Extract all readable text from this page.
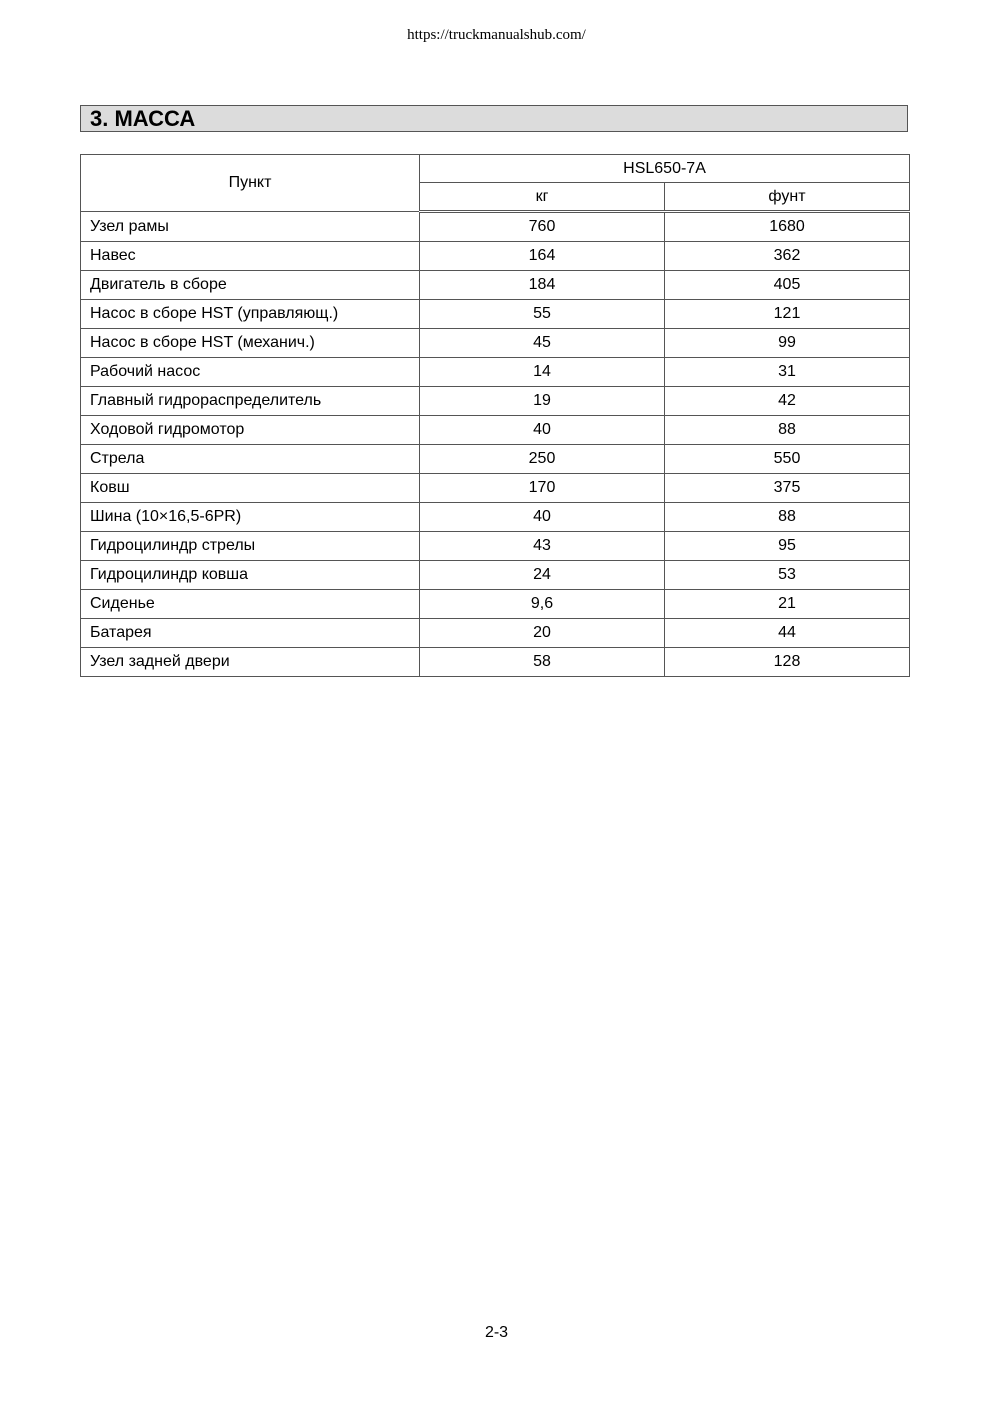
https://truckmanualshub.com/
3. МАССА
Пункт	HSL650-7A	
	кг	фунт
Узел рамы	760	1680
Навес	164	362
Двигатель в сборе	184	405
Насос в сборе HST (управляющ.)	55	121
Насос в сборе HST (механич.)	45	99
Рабочий насос	14	31
Главный гидрораспределитель	19	42
Ходовой гидромотор	40	88
Стрела	250	550
Ковш	170	375
Шина (10×16,5-6PR)	40	88
Гидроцилиндр стрелы	43	95
Гидроцилиндр ковша	24	53
Сиденье	9,6	21
Батарея	20	44
Узел задней двери	58	128
2-3
